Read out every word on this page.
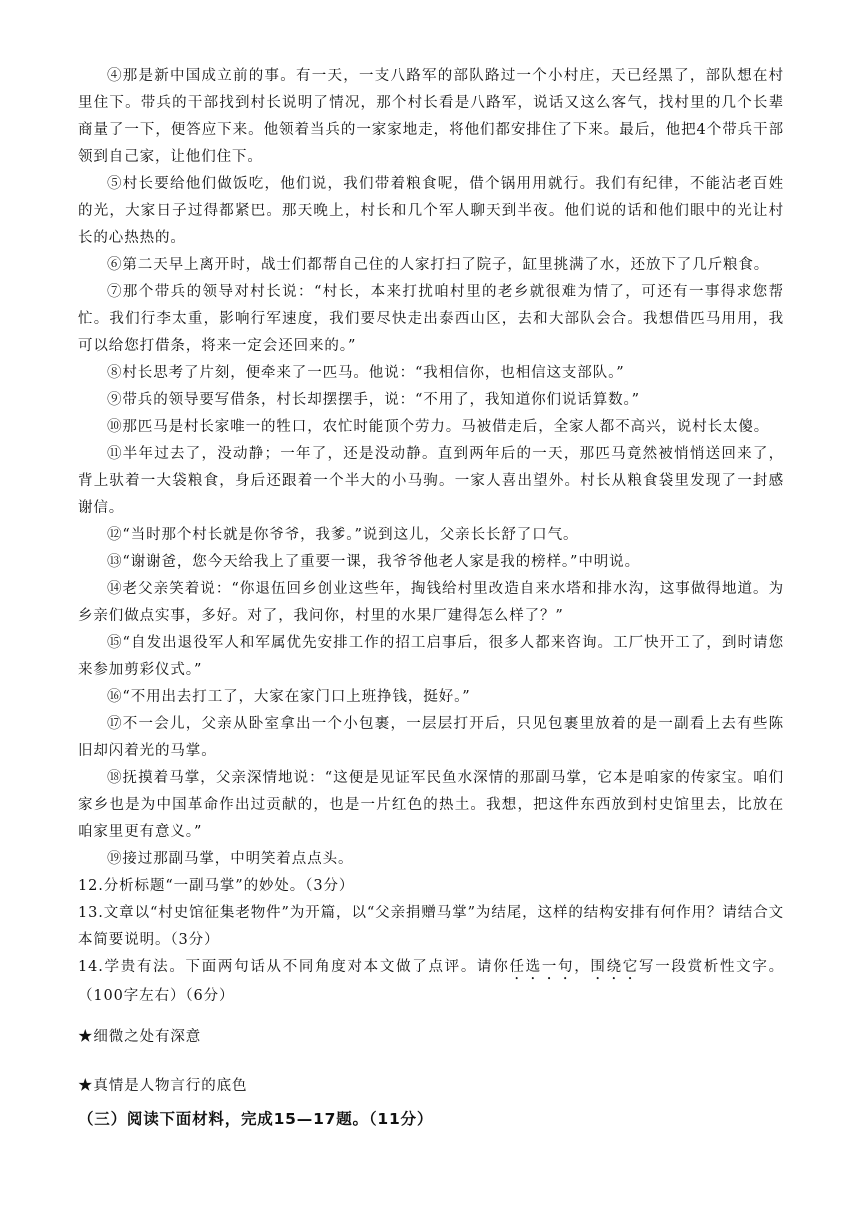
④那是新中国成立前的事。有一天，一支八路军的部队路过一个小村庄，天已经黑了，部队想在村里住下。带兵的干部找到村长说明了情况，那个村长看是八路军，说话又这么客气，找村里的几个长辈商量了一下，便答应下来。他领着当兵的一家家地走，将他们都安排住了下来。最后，他把4个带兵干部领到自己家，让他们住下。

⑤村长要给他们做饭吃，他们说，我们带着粮食呢，借个锅用用就行。我们有纪律，不能沾老百姓的光，大家日子过得都紧巴。那天晚上，村长和几个军人聊天到半夜。他们说的话和他们眼中的光让村长的心热热的。

⑥第二天早上离开时，战士们都帮自己住的人家打扫了院子，缸里挑满了水，还放下了几斤粮食。

⑦那个带兵的领导对村长说：“村长，本来打扰咱村里的老乡就很难为情了，可还有一事得求您帮忙。我们行李太重，影响行军速度，我们要尽快走出泰西山区，去和大部队会合。我想借匹马用用，我可以给您打借条，将来一定会还回来的。”

⑧村长思考了片刻，便牵来了一匹马。他说：“我相信你，也相信这支部队。”

⑨带兵的领导要写借条，村长却摆摆手，说：“不用了，我知道你们说话算数。”

⑩那匹马是村长家唯一的牲口，农忙时能顶个劳力。马被借走后，全家人都不高兴，说村长太傻。

⑪半年过去了，没动静；一年了，还是没动静。直到两年后的一天，那匹马竟然被悄悄送回来了，背上驮着一大袋粮食，身后还跟着一个半大的小马驹。一家人喜出望外。村长从粮食袋里发现了一封感谢信。

⑫“当时那个村长就是你爷爷，我爹。”说到这儿，父亲长长舒了口气。

⑬“谢谢爸，您今天给我上了重要一课，我爷爷他老人家是我的榜样。”中明说。

⑭老父亲笑着说：“你退伍回乡创业这些年，掏钱给村里改造自来水塔和排水沟，这事做得地道。为乡亲们做点实事，多好。对了，我问你，村里的水果厂建得怎么样了？”

⑮“自发出退役军人和军属优先安排工作的招工启事后，很多人都来咨询。工厂快开工了，到时请您来参加剪彩仪式。”

⑯“不用出去打工了，大家在家门口上班挣钱，挺好。”

⑰不一会儿，父亲从卧室拿出一个小包裹，一层层打开后，只见包裹里放着的是一副看上去有些陈旧却闪着光的马掌。

⑱抚摸着马掌，父亲深情地说：“这便是见证军民鱼水深情的那副马掌，它本是咱家的传家宝。咱们家乡也是为中国革命作出过贡献的，也是一片红色的热土。我想，把这件东西放到村史馆里去，比放在咱家里更有意义。”

⑲接过那副马掌，中明笑着点点头。

12.分析标题“一副马掌”的妙处。（3分）

13.文章以“村史馆征集老物件”为开篇，以“父亲捐赠马掌”为结尾，这样的结构安排有何作用？请结合文本简要说明。（3分）

14.学贵有法。下面两句话从不同角度对本文做了点评。请你任选一句，围绕它写一段赏析性文字。（100字左右）（6分）

★细微之处有深意

★真情是人物言行的底色

（三）阅读下面材料，完成15—17题。（11分）
